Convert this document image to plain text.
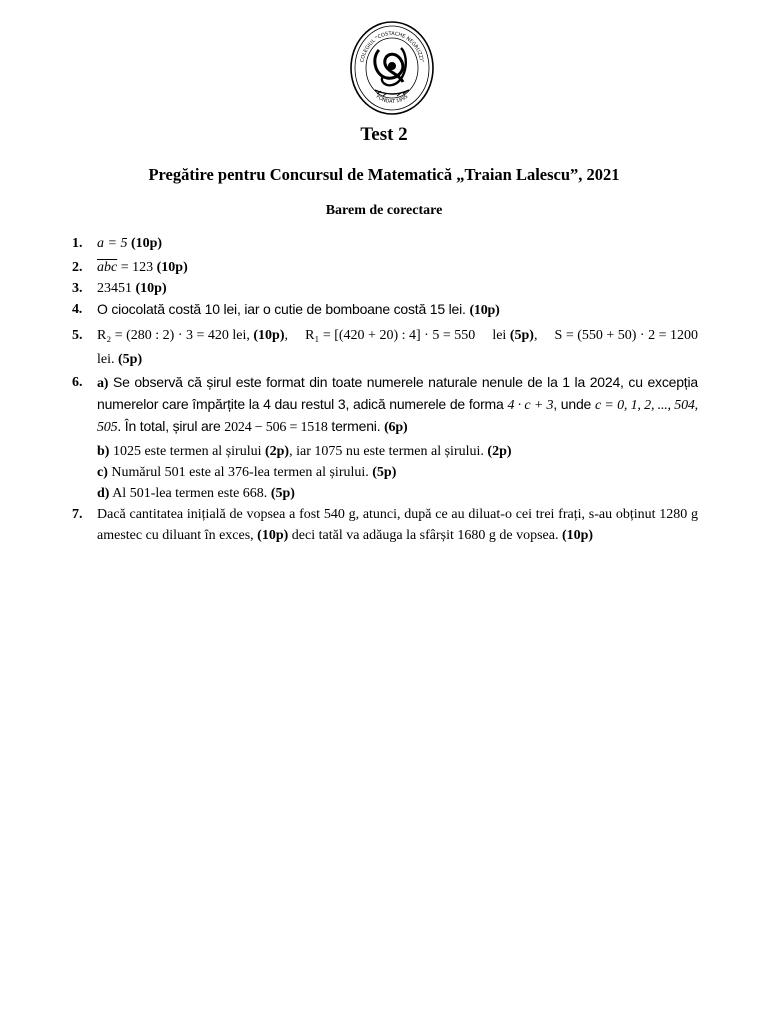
COLEGIUL "COSTACHE NEGRUZZI"
FONDAT 1895
Test 2
Pregătire pentru Concursul de Matematică „Traian Lalescu”, 2021
Barem de corectare
1. a = 5 (10p)
2. $\overline{abc} = 123$ (10p)
3. 23451 (10p)
4. O ciocolată costă 10 lei, iar o cutie de bomboane costă 15 lei. (10p)
5. R₂ = (280 : 2) · 3 = 420 lei, (10p), R₁ = [(420 + 20) : 4] · 5 = 550 lei (5p), S = (550 + 50) · 2 = 1200
lei. (5p)
6. a) Se observă că șirul este format din toate numerele naturale nenule de la 1 la 2024, cu excepția numerelor care împărțite la 4 dau restul 3, adică numerele de forma 4 · c + 3, unde c = 0, 1, 2, ..., 504, 505. În total, șirul are 2024 − 506 = 1518 termeni. (6p)
b) 1025 este termen al șirului (2p), iar 1075 nu este termen al șirului. (2p)
c) Numărul 501 este al 376-lea termen al șirului. (5p)
d) Al 501-lea termen este 668. (5p)
7. Dacă cantitatea inițială de vopsea a fost 540 g, atunci, după ce au diluat-o cei trei frați, s-au obținut 1280 g amestec cu diluant în exces, (10p) deci tatăl va adăuga la sfârșit 1680 g de vopsea. (10p)
